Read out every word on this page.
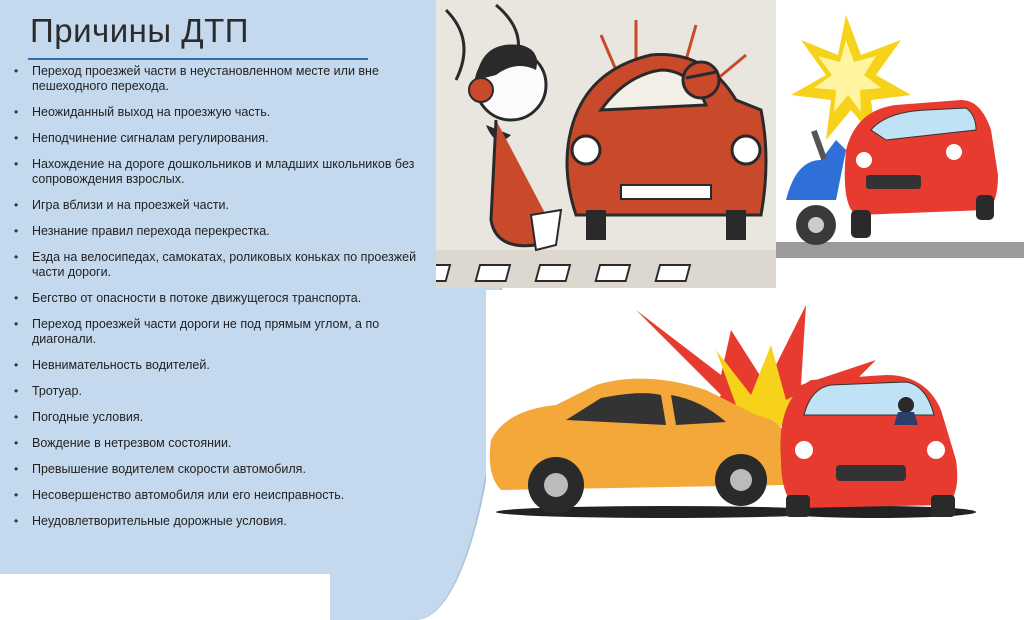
Причины ДТП
• Переход проезжей части в неустановленном месте или вне пешеходного перехода.
• Неожиданный выход на проезжую часть.
• Неподчинение сигналам регулирования.
• Нахождение на дороге дошкольников и младших школьников без сопровождения взрослых.
• Игра вблизи и на проезжей части.
• Незнание правил перехода перекрестка.
• Езда на велосипедах, самокатах, роликовых коньках по проезжей части дороги.
• Бегство от опасности в потоке движущегося транспорта.
• Переход проезжей части дороги не под прямым углом, а по диагонали.
• Невнимательность водителей.
• Тротуар.
• Погодные условия.
• Вождение в нетрезвом состоянии.
• Превышение водителем скорости автомобиля.
• Несовершенство автомобиля или его неисправность.
• Неудовлетворительные дорожные условия.
